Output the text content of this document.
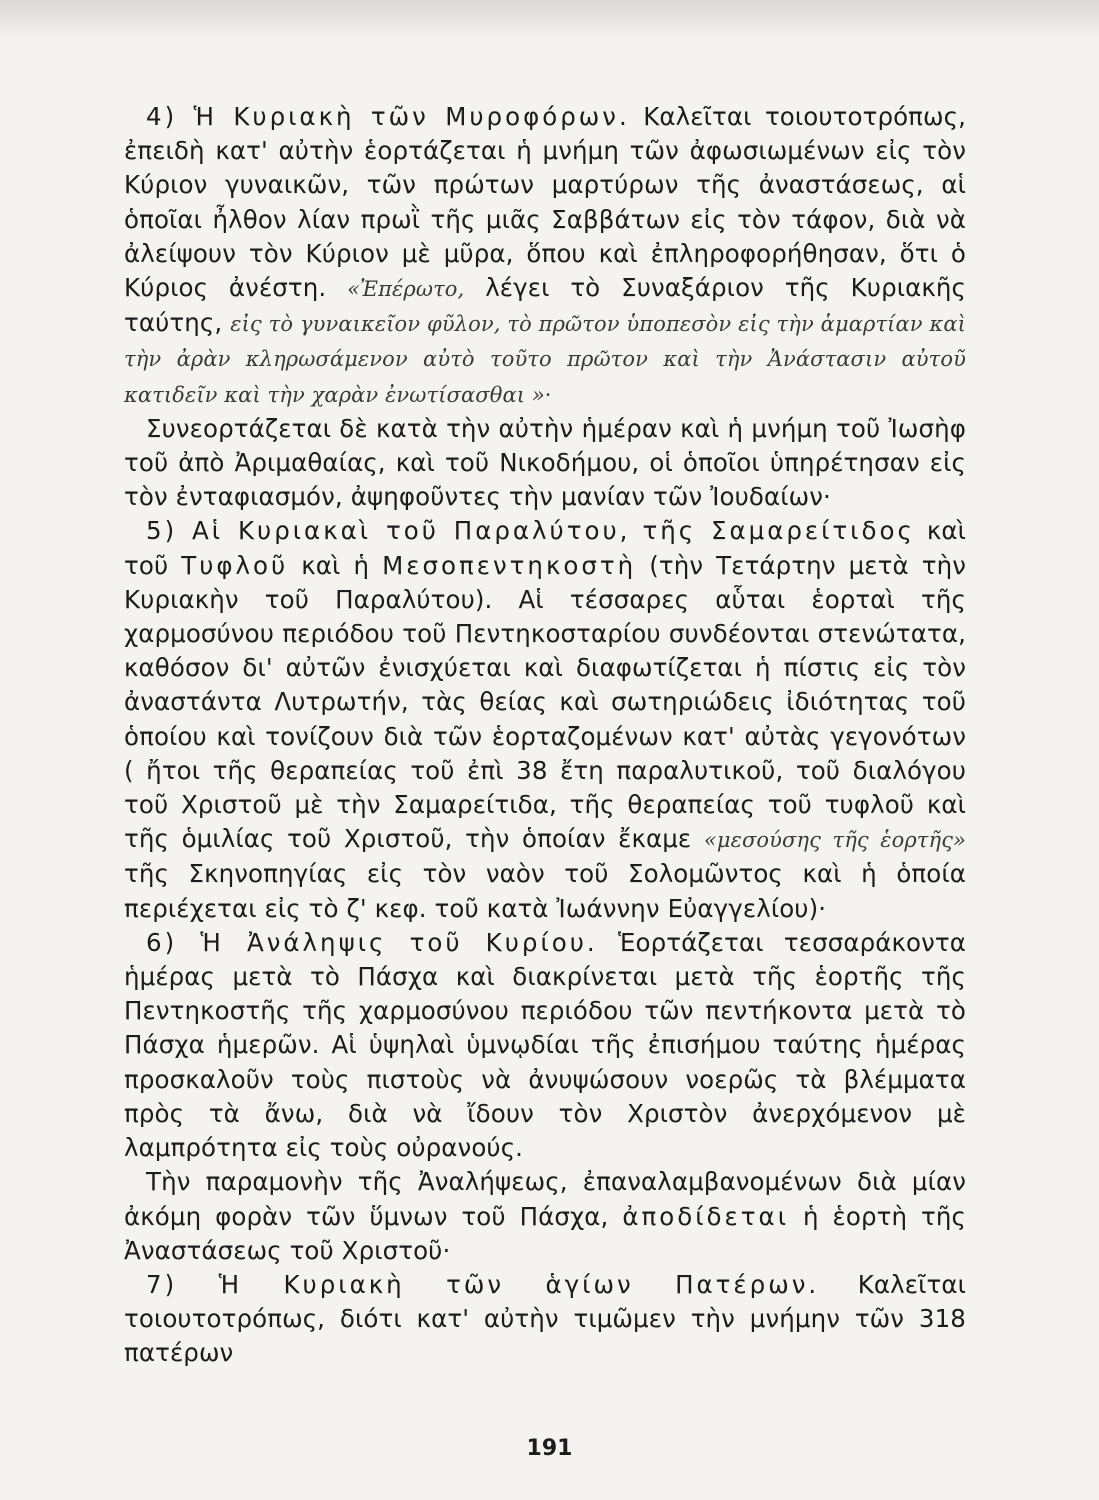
4) Ἡ Κυριακὴ τῶν Μυροφόρων. Καλεῖται τοιουτοτρόπως, ἐπειδὴ κατ' αὐτὴν ἑορτάζεται ἡ μνήμη τῶν ἀφωσιωμένων εἰς τὸν Κύριον γυναικῶν, τῶν πρώτων μαρτύρων τῆς ἀναστάσεως, αἱ ὁποῖαι ἦλθον λίαν πρωῒ τῆς μιᾶς Σαββάτων εἰς τὸν τάφον, διὰ νὰ ἀλείψουν τὸν Κύριον μὲ μῦρα, ὅπου καὶ ἐπληροφορήθησαν, ὅτι ὁ Κύριος ἀνέστη. «Ἐπέρωτο, λέγει τὸ Συναξάριον τῆς Κυριακῆς ταύτης, εἰς τὸ γυναικεῖον φῦλον, τὸ πρῶτον ὑποπεσὸν εἰς τὴν ἁμαρτίαν καὶ τὴν ἀρὰν κληρωσάμενον αὐτὸ τοῦτο πρῶτον καὶ τὴν Ἀνάστασιν αὐτοῦ κατιδεῖν καὶ τὴν χαρὰν ἐνωτίσασθαι »·

Συνεορτάζεται δὲ κατὰ τὴν αὐτὴν ἡμέραν καὶ ἡ μνήμη τοῦ Ἰωσὴφ τοῦ ἀπὸ Ἀριμαθαίας, καὶ τοῦ Νικοδήμου, οἱ ὁποῖοι ὑπηρέτησαν εἰς τὸν ἐνταφιασμόν, ἀψηφοῦντες τὴν μανίαν τῶν Ἰουδαίων·

5) Αἱ Κυριακαὶ τοῦ Παραλύτου, τῆς Σαμαρείτιδος καὶ τοῦ Τυφλοῦ καὶ ἡ Μεσοπεντηκοστὴ (τὴν Τετάρτην μετὰ τὴν Κυριακὴν τοῦ Παραλύτου). Αἱ τέσσαρες αὗται ἑορταὶ τῆς χαρμοσύνου περιόδου τοῦ Πεντηκοσταρίου συνδέονται στενώτατα, καθόσον δι' αὐτῶν ἐνισχύεται καὶ διαφωτίζεται ἡ πίστις εἰς τὸν ἀναστάντα Λυτρωτήν, τὰς θείας καὶ σωτηριώδεις ἰδιότητας τοῦ ὁποίου καὶ τονίζουν διὰ τῶν ἑορταζομένων κατ' αὐτὰς γεγονότων ( ἤτοι τῆς θεραπείας τοῦ ἐπὶ 38 ἔτη παραλυτικοῦ, τοῦ διαλόγου τοῦ Χριστοῦ μὲ τὴν Σαμαρείτιδα, τῆς θεραπείας τοῦ τυφλοῦ καὶ τῆς ὁμιλίας τοῦ Χριστοῦ, τὴν ὁποίαν ἔκαμε «μεσούσης τῆς ἑορτῆς» τῆς Σκηνοπηγίας εἰς τὸν ναὸν τοῦ Σολομῶντος καὶ ἡ ὁποία περιέχεται εἰς τὸ ζ' κεφ. τοῦ κατὰ Ἰωάννην Εὐαγγελίου)·

6) Ἡ Ἀνάληψις τοῦ Κυρίου. Ἑορτάζεται τεσσαράκοντα ἡμέρας μετὰ τὸ Πάσχα καὶ διακρίνεται μετὰ τῆς ἑορτῆς τῆς Πεντηκοστῆς τῆς χαρμοσύνου περιόδου τῶν πεντήκοντα μετὰ τὸ Πάσχα ἡμερῶν. Αἱ ὑψηλαὶ ὑμνῳδίαι τῆς ἐπισήμου ταύτης ἡμέρας προσκαλοῦν τοὺς πιστοὺς νὰ ἀνυψώσουν νοερῶς τὰ βλέμματα πρὸς τὰ ἄνω, διὰ νὰ ἴδουν τὸν Χριστὸν ἀνερχόμενον μὲ λαμπρότητα εἰς τοὺς οὐρανούς.

Τὴν παραμονὴν τῆς Ἀναλήψεως, ἐπαναλαμβανομένων διὰ μίαν ἀκόμη φορὰν τῶν ὕμνων τοῦ Πάσχα, ἀποδίδεται ἡ ἑορτὴ τῆς Ἀναστάσεως τοῦ Χριστοῦ·

7) Ἡ Κυριακὴ τῶν ἁγίων Πατέρων. Καλεῖται τοιουτοτρόπως, διότι κατ' αὐτὴν τιμῶμεν τὴν μνήμην τῶν 318 πατέρων

191
